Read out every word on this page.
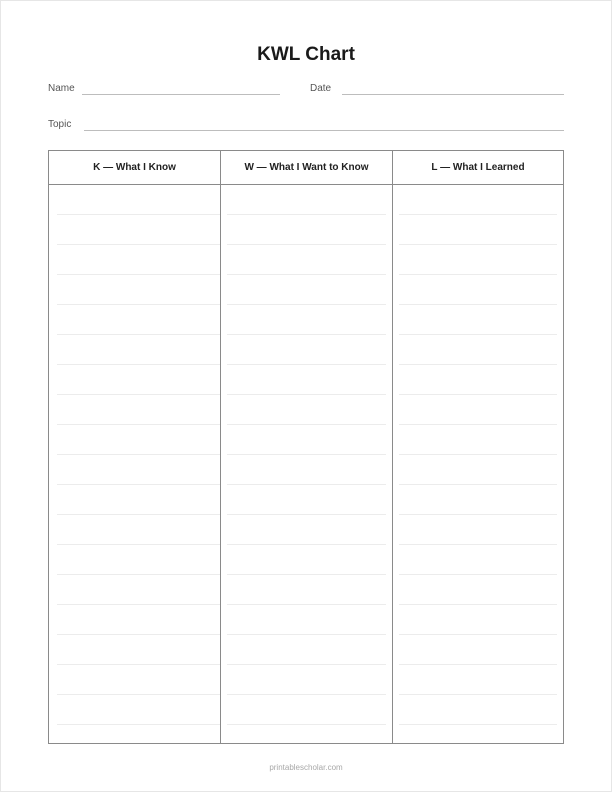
KWL Chart
Name	Date
Topic
K — What I Know	W — What I Want to Know	L — What I Learned
printablescholar.com
